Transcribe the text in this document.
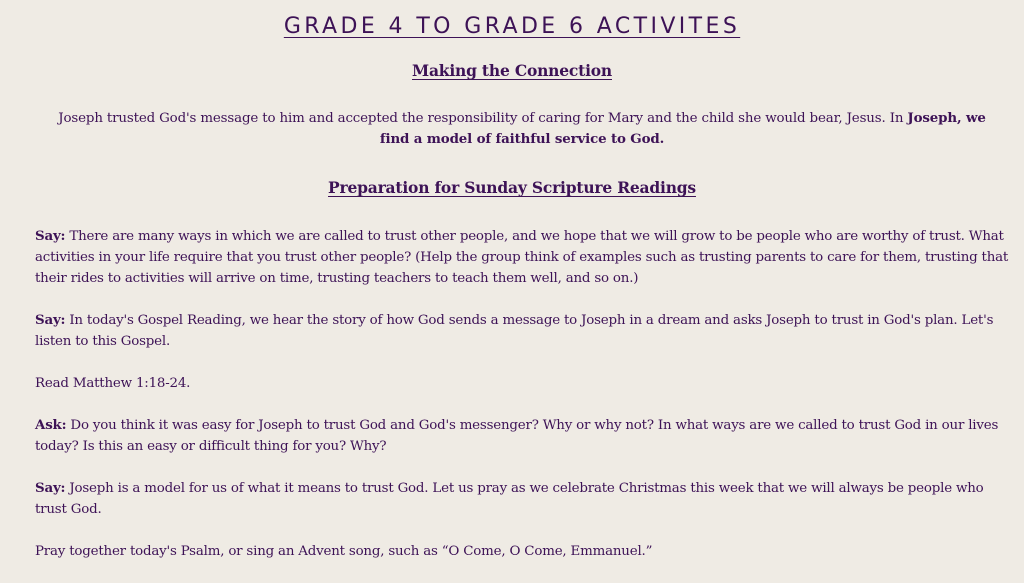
GRADE 4 TO GRADE 6 ACTIVITES
Making the Connection
Joseph trusted God's message to him and accepted the responsibility of caring for Mary and the child she would bear, Jesus. In Joseph, we find a model of faithful service to God.
Preparation for Sunday Scripture Readings

Say: There are many ways in which we are called to trust other people, and we hope that we will grow to be people who are worthy of trust. What activities in your life require that you trust other people? (Help the group think of examples such as trusting parents to care for them, trusting that their rides to activities will arrive on time, trusting teachers to teach them well, and so on.)

Say: In today's Gospel Reading, we hear the story of how God sends a message to Joseph in a dream and asks Joseph to trust in God's plan. Let's listen to this Gospel.

Read Matthew 1:18-24.

Ask: Do you think it was easy for Joseph to trust God and God's messenger? Why or why not? In what ways are we called to trust God in our lives today? Is this an easy or difficult thing for you? Why?

Say: Joseph is a model for us of what it means to trust God. Let us pray as we celebrate Christmas this week that we will always be people who trust God.

Pray together today's Psalm, or sing an Advent song, such as “O Come, O Come, Emmanuel.”
